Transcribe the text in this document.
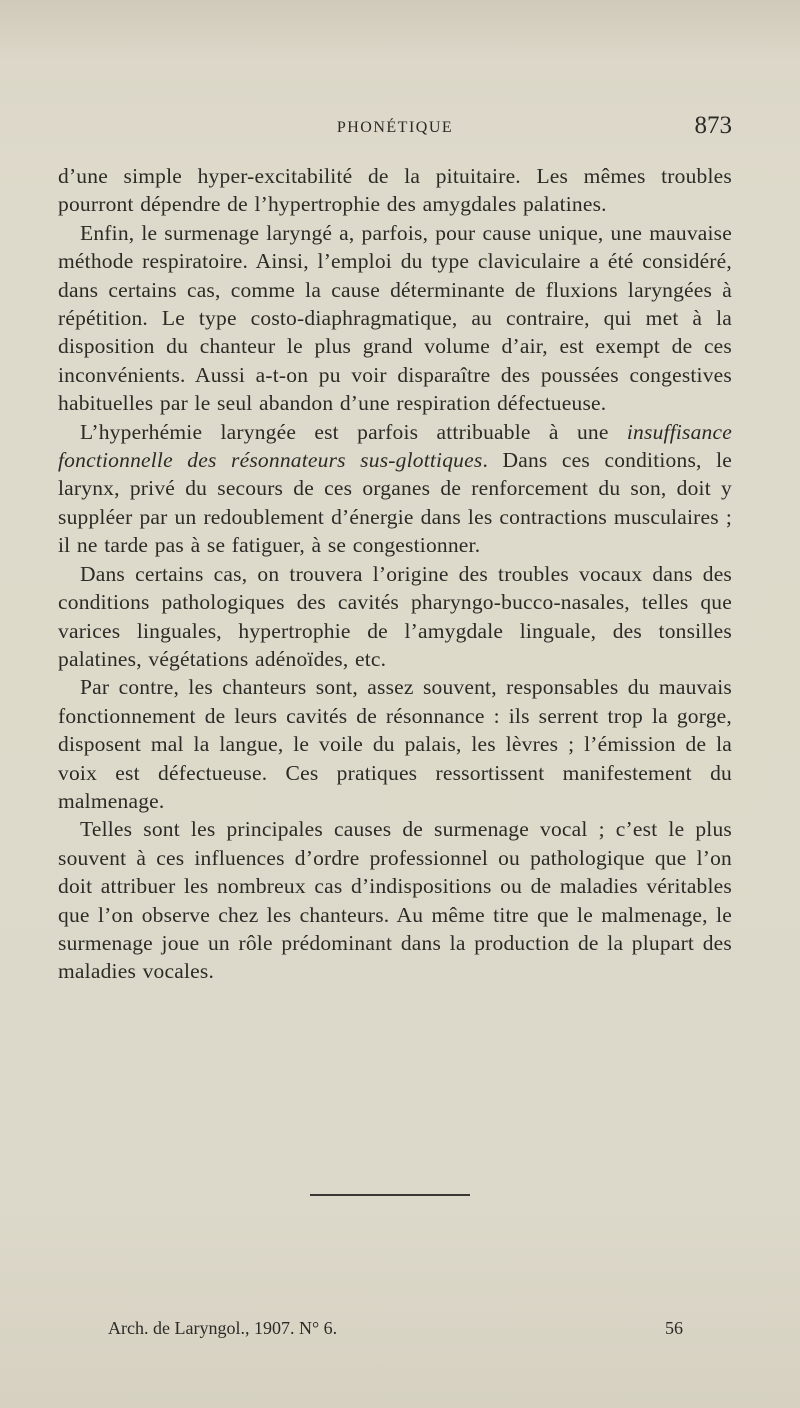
PHONÉTIQUE	873

d’une simple hyper-excitabilité de la pituitaire. Les mêmes troubles pourront dépendre de l’hypertrophie des amygdales palatines.

Enfin, le surmenage laryngé a, parfois, pour cause unique, une mauvaise méthode respiratoire. Ainsi, l’emploi du type claviculaire a été considéré, dans certains cas, comme la cause déterminante de fluxions laryngées à répétition. Le type costo-diaphragmatique, au contraire, qui met à la disposition du chanteur le plus grand volume d’air, est exempt de ces inconvénients. Aussi a-t-on pu voir disparaître des poussées congestives habituelles par le seul abandon d’une respiration défectueuse.

L’hyperhémie laryngée est parfois attribuable à une insuffisance fonctionnelle des résonnateurs sus-glottiques. Dans ces conditions, le larynx, privé du secours de ces organes de renforcement du son, doit y suppléer par un redoublement d’énergie dans les contractions musculaires ; il ne tarde pas à se fatiguer, à se congestionner.

Dans certains cas, on trouvera l’origine des troubles vocaux dans des conditions pathologiques des cavités pharyngo-bucco-nasales, telles que varices linguales, hypertrophie de l’amygdale linguale, des tonsilles palatines, végétations adénoïdes, etc.

Par contre, les chanteurs sont, assez souvent, responsables du mauvais fonctionnement de leurs cavités de résonnance : ils serrent trop la gorge, disposent mal la langue, le voile du palais, les lèvres ; l’émission de la voix est défectueuse. Ces pratiques ressortissent manifestement du malmenage.

Telles sont les principales causes de surmenage vocal ; c’est le plus souvent à ces influences d’ordre professionnel ou pathologique que l’on doit attribuer les nombreux cas d’indispositions ou de maladies véritables que l’on observe chez les chanteurs. Au même titre que le malmenage, le surmenage joue un rôle prédominant dans la production de la plupart des maladies vocales.

Arch. de Laryngol., 1907. N° 6.	56
